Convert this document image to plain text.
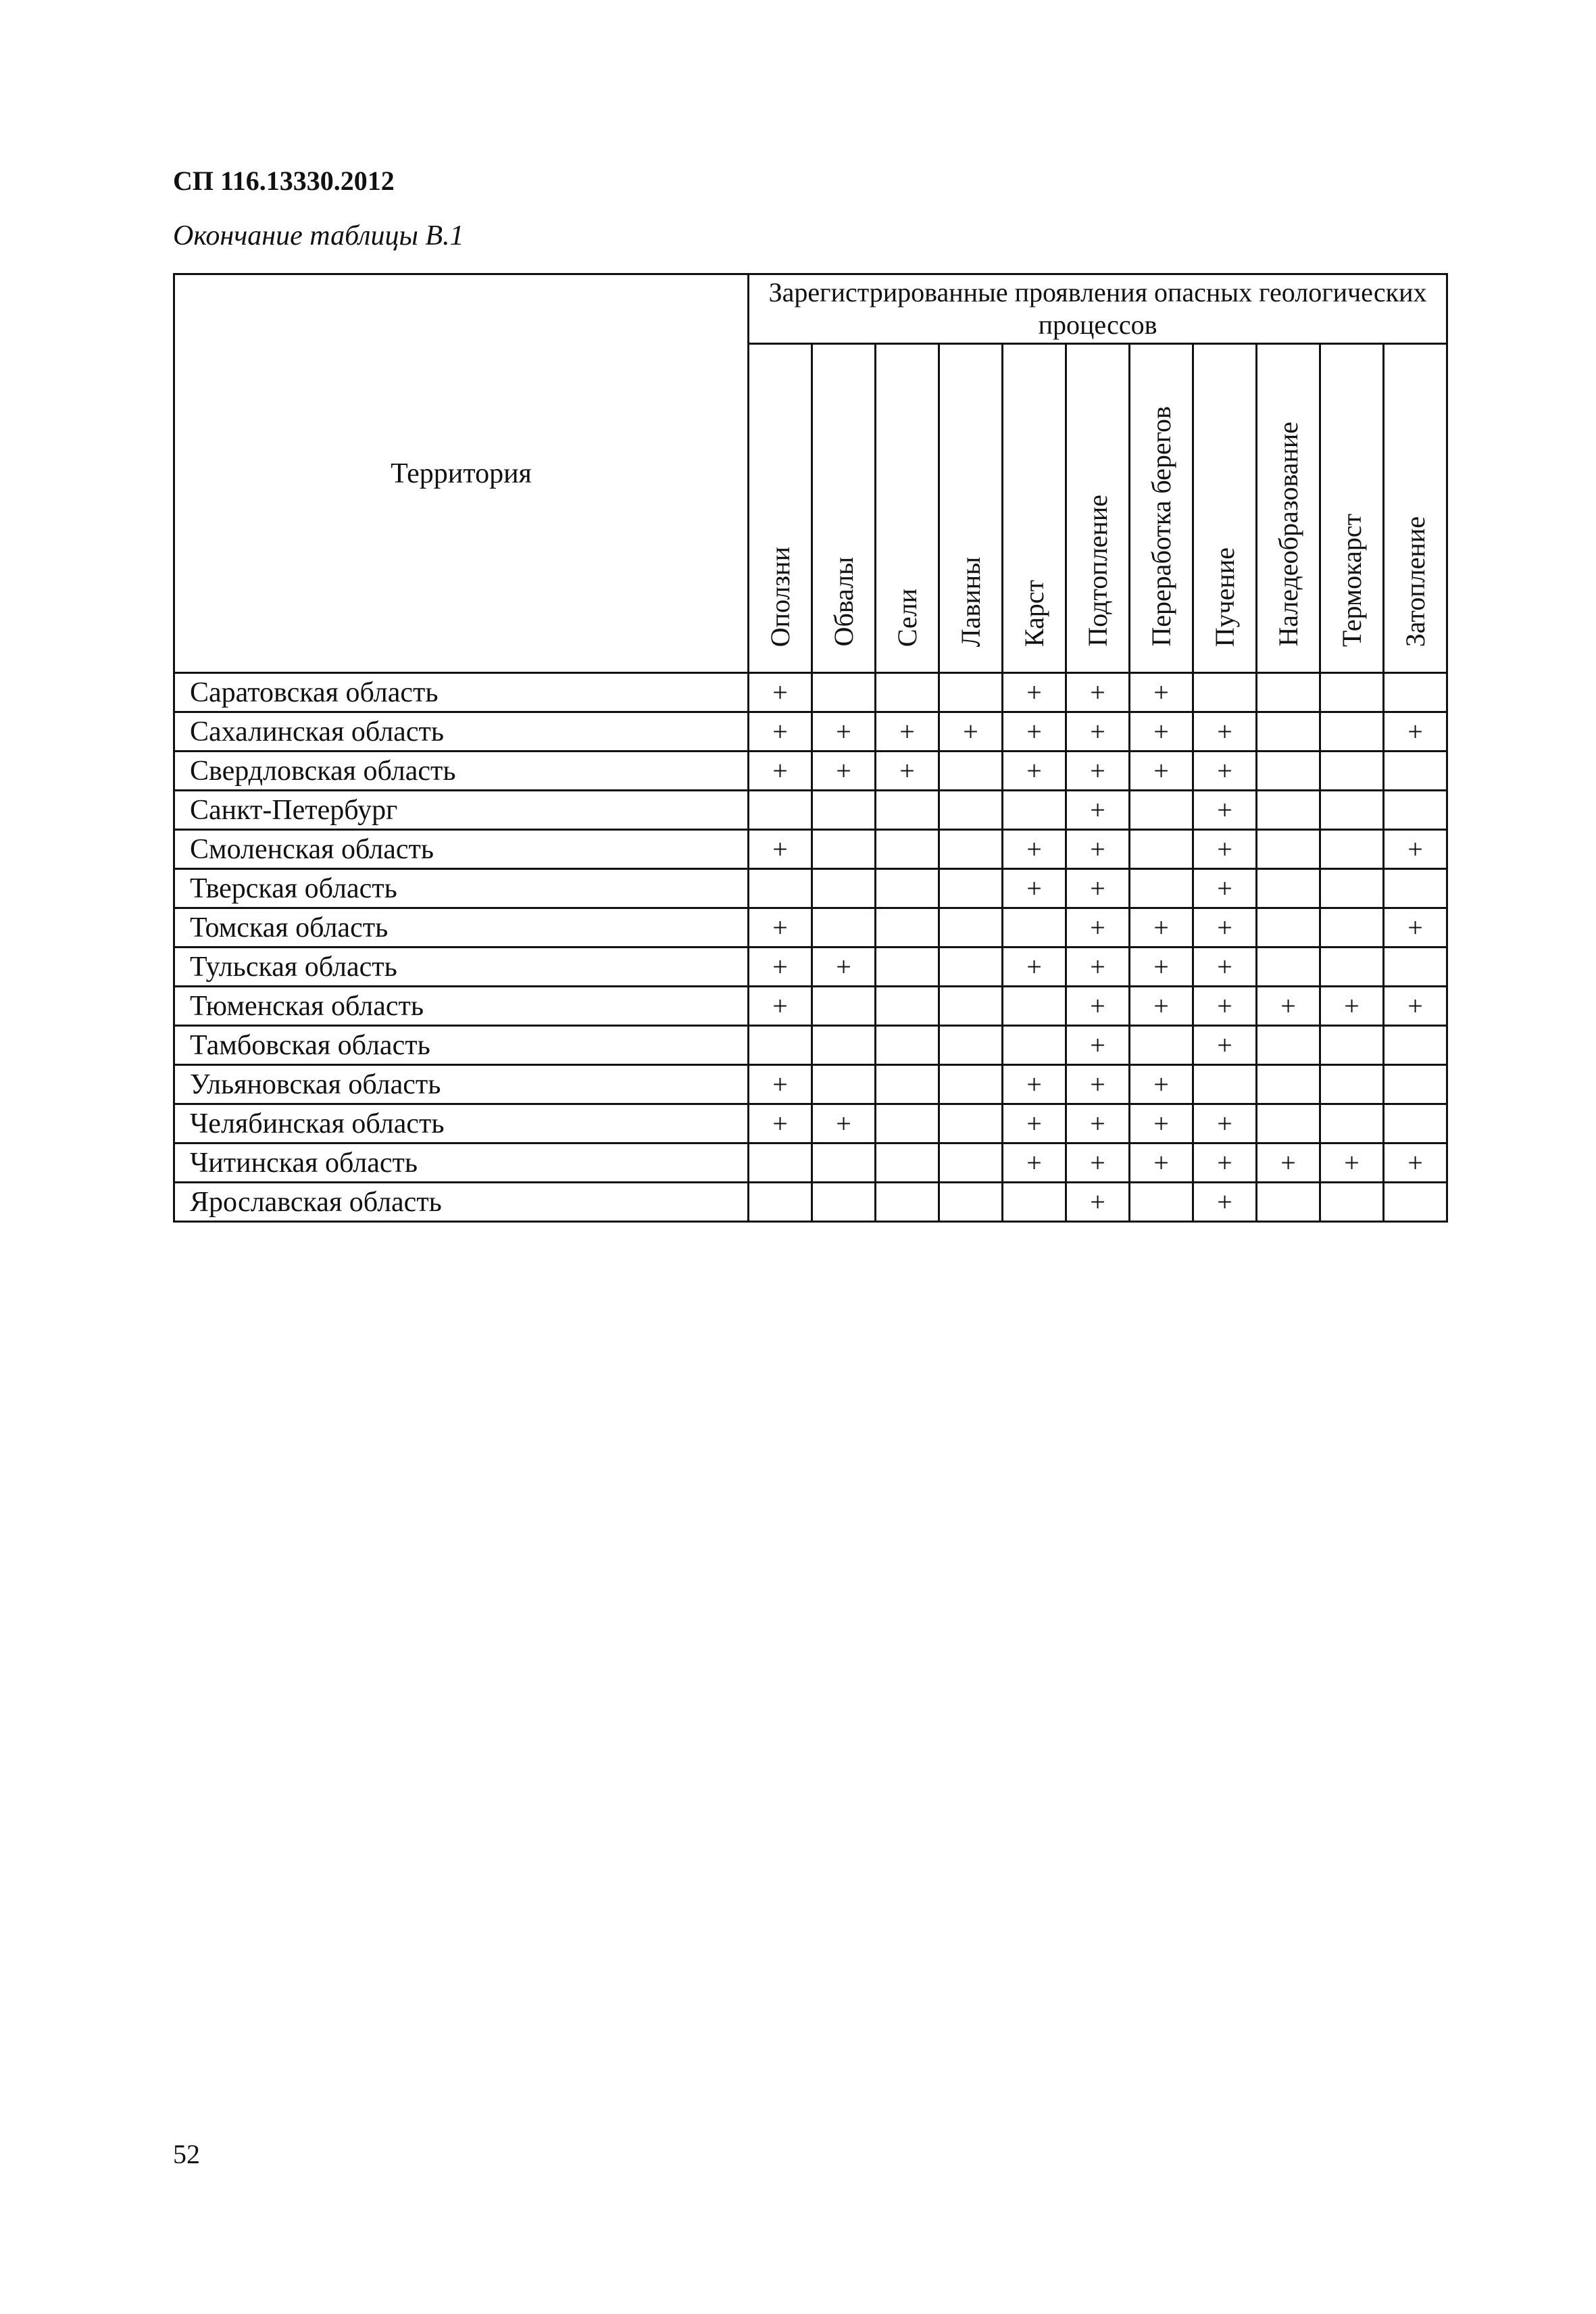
СП 116.13330.2012
Окончание таблицы В.1
Территория	Зарегистрированные проявления опасных геологических процессов										
	Оползни	Обвалы	Сели	Лавины	Карст	Подтопление	Переработка берегов	Пучение	Наледеобразование	Термокарст	Затопление
Саратовская область	+				+	+	+				
Сахалинская область	+	+	+	+	+	+	+	+			+
Свердловская область	+	+	+		+	+	+	+			
Санкт-Петербург						+		+			
Смоленская область	+				+	+		+			+
Тверская область					+	+		+			
Томская область	+					+	+	+			+
Тульская область	+	+			+	+	+	+			
Тюменская область	+					+	+	+	+	+	+
Тамбовская область						+		+			
Ульяновская область	+				+	+	+				
Челябинская область	+	+			+	+	+	+			
Читинская область					+	+	+	+	+	+	+
Ярославская область						+		+			
52
